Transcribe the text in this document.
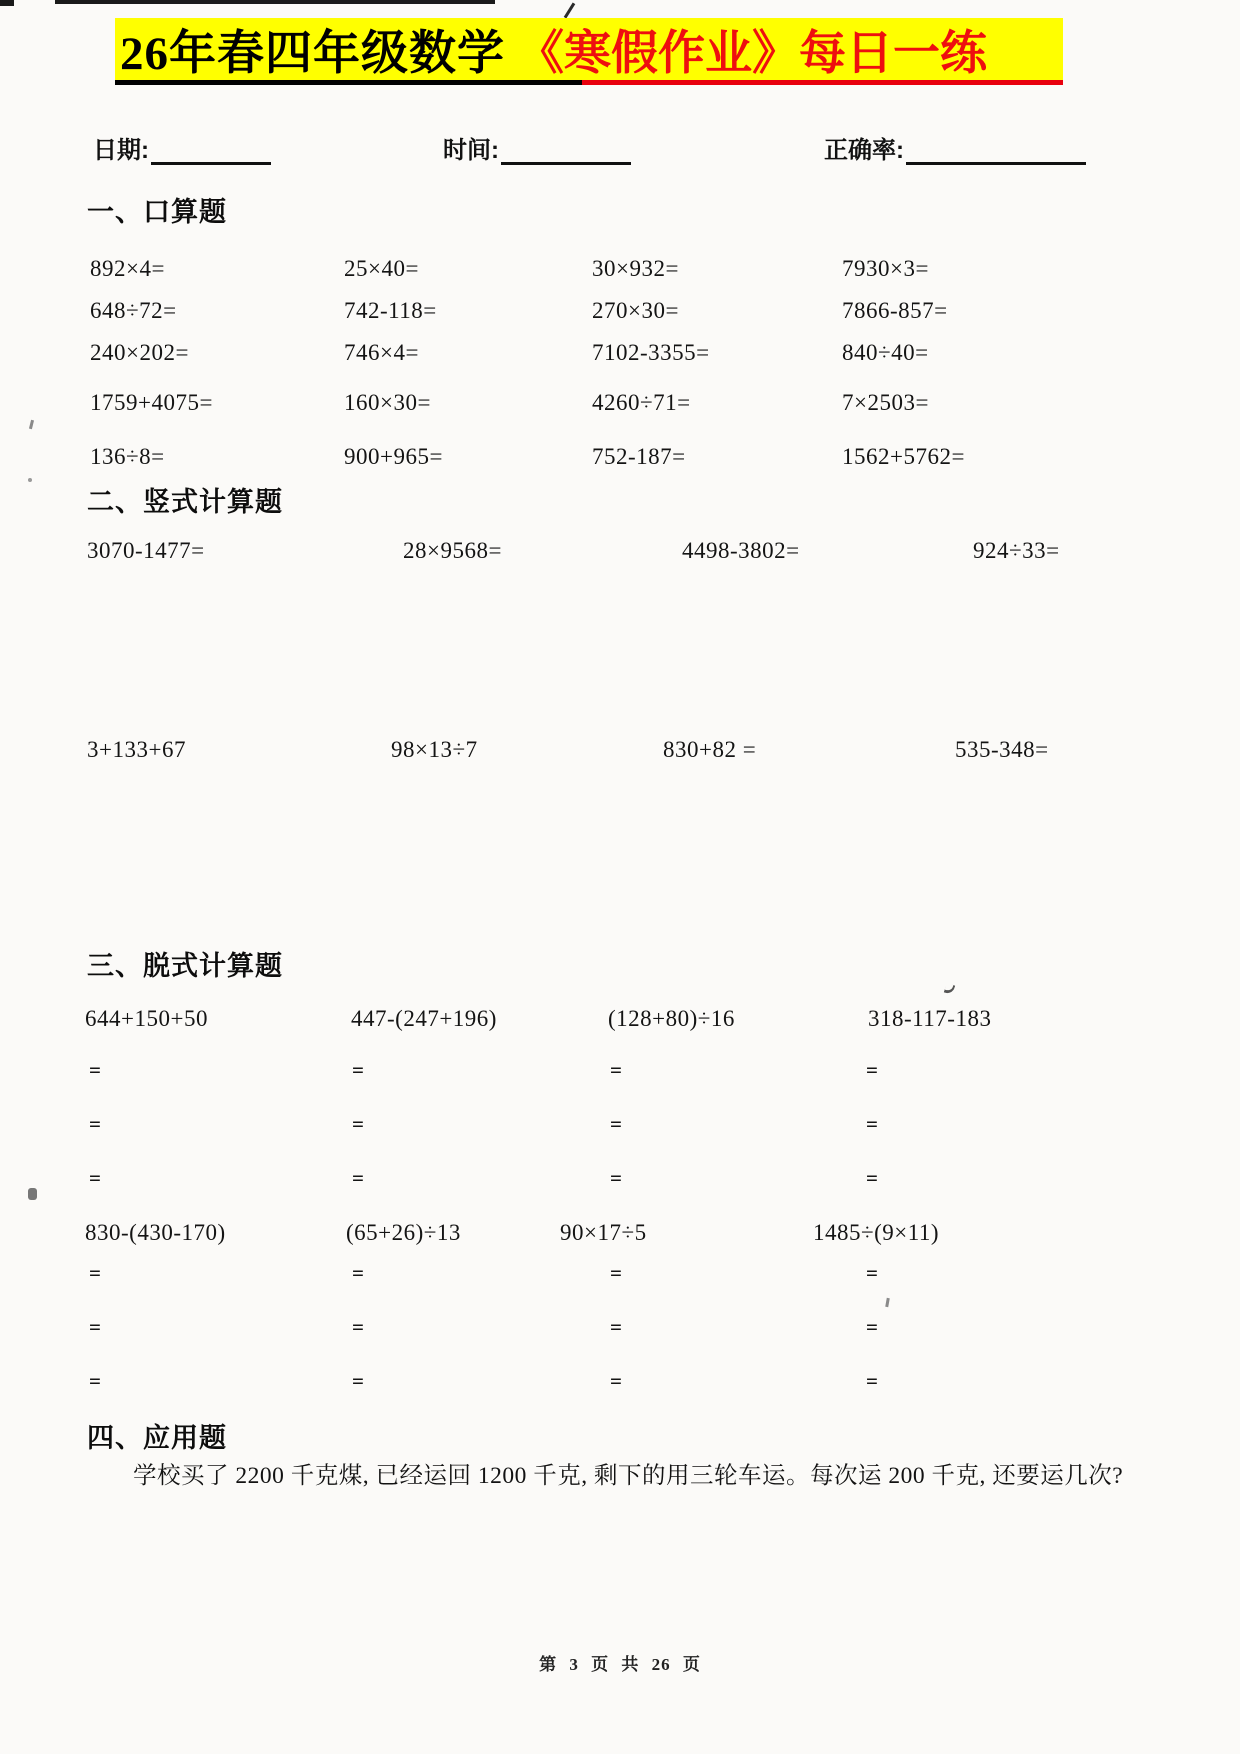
26年春四年级数学 《寒假作业》每日一练
日期:	时间:	正确率:
一、口算题
892×4=	25×40=	30×932=	7930×3=
648÷72=	742-118=	270×30=	7866-857=
240×202=	746×4=	7102-3355=	840÷40=
1759+4075=	160×30=	4260÷71=	7×2503=
136÷8=	900+965=	752-187=	1562+5762=
二、竖式计算题
3070-1477=	28×9568=	4498-3802=	924÷33=
3+133+67	98×13÷7	830+82 =	535-348=
三、脱式计算题
644+150+50	447-(247+196)	(128+80)÷16	318-117-183
=	=	=	=
=	=	=	=
=	=	=	=
830-(430-170)	(65+26)÷13	90×17÷5	1485÷(9×11)
=	=	=	=
=	=	=	=
=	=	=	=
四、应用题
学校买了 2200 千克煤, 已经运回 1200 千克, 剩下的用三轮车运。每次运 200 千克, 还要运几次?
第 3 页 共 26 页
